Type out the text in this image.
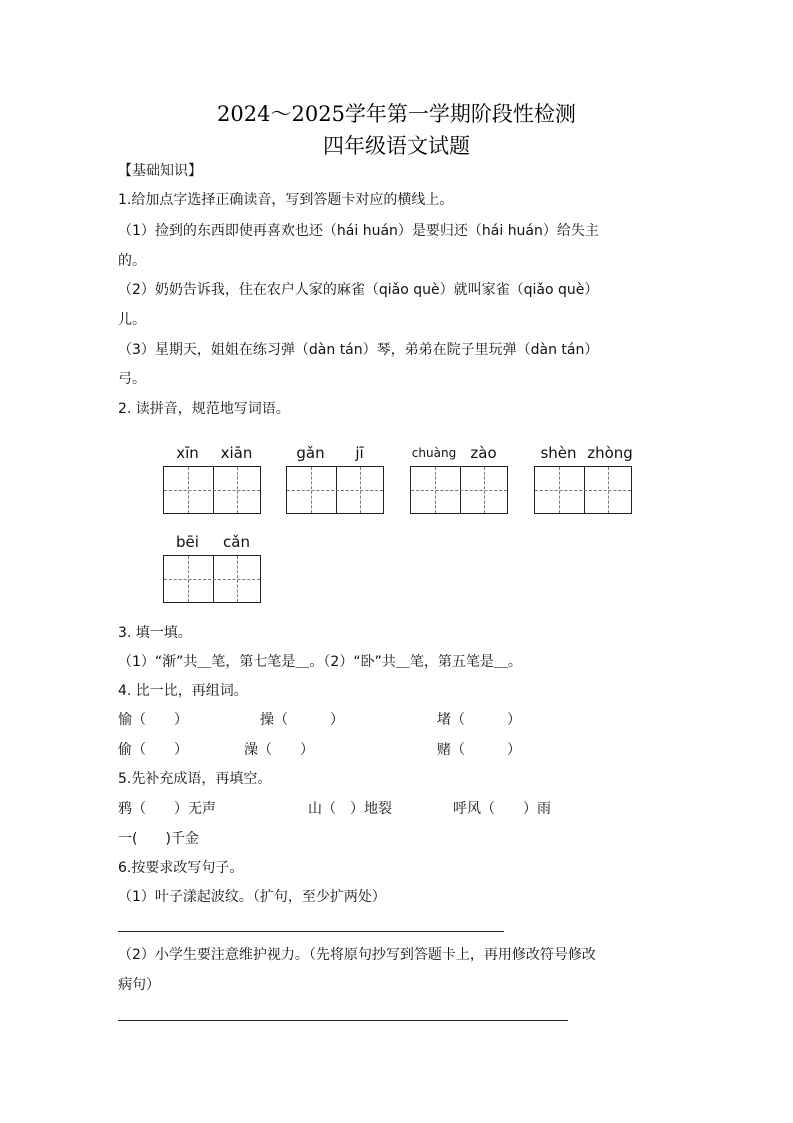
2024～2025学年第一学期阶段性检测
四年级语文试题
【基础知识】
1.给加点字选择正确读音，写到答题卡对应的横线上。
（1）捡到的东西即使再喜欢也还（hái huán）是要归还（hái huán）给失主
的。
（2）奶奶告诉我，住在农户人家的麻雀（qiǎo què）就叫家雀（qiǎo què）
儿。
（3）星期天，姐姐在练习弹（dàn tán）琴，弟弟在院子里玩弹（dàn tán）
弓。
2. 读拼音，规范地写词语。
xīn	xiān	gǎn	jī	chuàng zào	shèn zhòng
bēi	cǎn
3. 填一填。
（1）“渐”共＿笔，第七笔是＿。（2）“卧”共＿笔，第五笔是＿。
4. 比一比，再组词。
愉（　　）	操（　　　）	堵（　　　）
偷（　　）	澡（　　）	赌（　　　）
5.先补充成语，再填空。
鸦（　　）无声	山（　）地裂	呼风（　　）雨
一(　　)千金
6.按要求改写句子。
（1）叶子漾起波纹。（扩句，至少扩两处）
（2）小学生要注意维护视力。（先将原句抄写到答题卡上，再用修改符号修改
病句）
